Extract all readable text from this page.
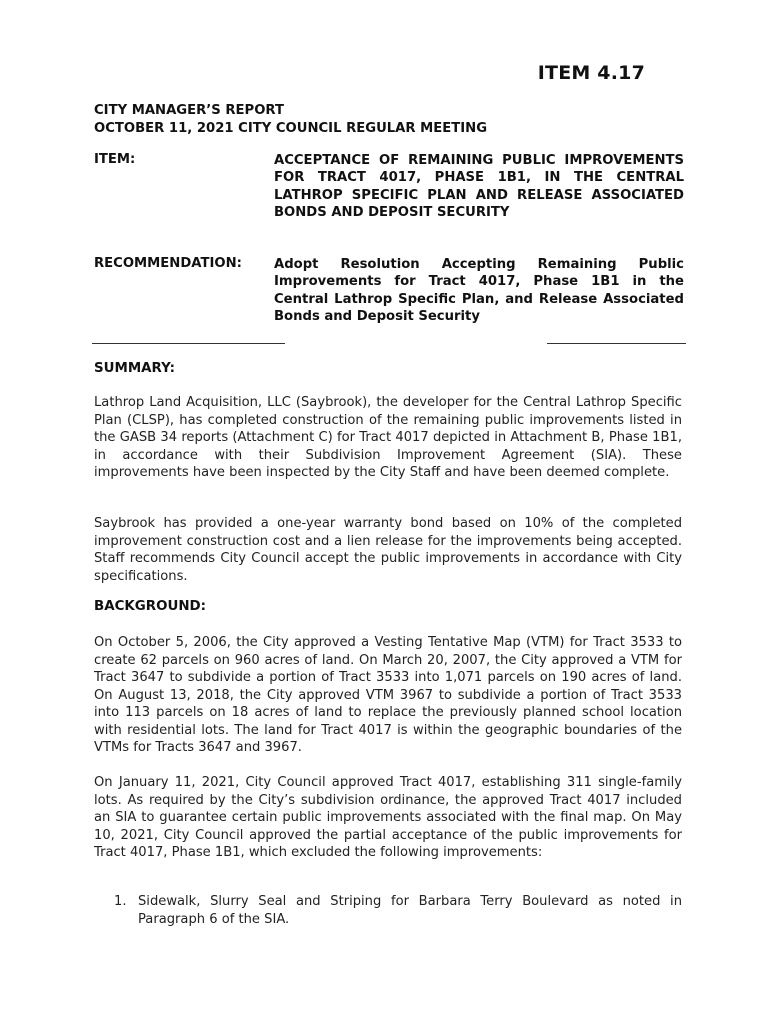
ITEM 4.17
CITY MANAGER’S REPORT
OCTOBER 11, 2021 CITY COUNCIL REGULAR MEETING
ITEM:	ACCEPTANCE OF REMAINING PUBLIC IMPROVEMENTS FOR TRACT 4017, PHASE 1B1, IN THE CENTRAL LATHROP SPECIFIC PLAN AND RELEASE ASSOCIATED BONDS AND DEPOSIT SECURITY
RECOMMENDATION: Adopt Resolution Accepting Remaining Public Improvements for Tract 4017, Phase 1B1 in the Central Lathrop Specific Plan, and Release Associated Bonds and Deposit Security
SUMMARY:
Lathrop Land Acquisition, LLC (Saybrook), the developer for the Central Lathrop Specific Plan (CLSP), has completed construction of the remaining public improvements listed in the GASB 34 reports (Attachment C) for Tract 4017 depicted in Attachment B, Phase 1B1, in accordance with their Subdivision Improvement Agreement (SIA). These improvements have been inspected by the City Staff and have been deemed complete.
Saybrook has provided a one-year warranty bond based on 10% of the completed improvement construction cost and a lien release for the improvements being accepted. Staff recommends City Council accept the public improvements in accordance with City specifications.
BACKGROUND:
On October 5, 2006, the City approved a Vesting Tentative Map (VTM) for Tract 3533 to create 62 parcels on 960 acres of land. On March 20, 2007, the City approved a VTM for Tract 3647 to subdivide a portion of Tract 3533 into 1,071 parcels on 190 acres of land. On August 13, 2018, the City approved VTM 3967 to subdivide a portion of Tract 3533 into 113 parcels on 18 acres of land to replace the previously planned school location with residential lots. The land for Tract 4017 is within the geographic boundaries of the VTMs for Tracts 3647 and 3967.
On January 11, 2021, City Council approved Tract 4017, establishing 311 single-family lots. As required by the City’s subdivision ordinance, the approved Tract 4017 included an SIA to guarantee certain public improvements associated with the final map. On May 10, 2021, City Council approved the partial acceptance of the public improvements for Tract 4017, Phase 1B1, which excluded the following improvements:
1. Sidewalk, Slurry Seal and Striping for Barbara Terry Boulevard as noted in Paragraph 6 of the SIA.
